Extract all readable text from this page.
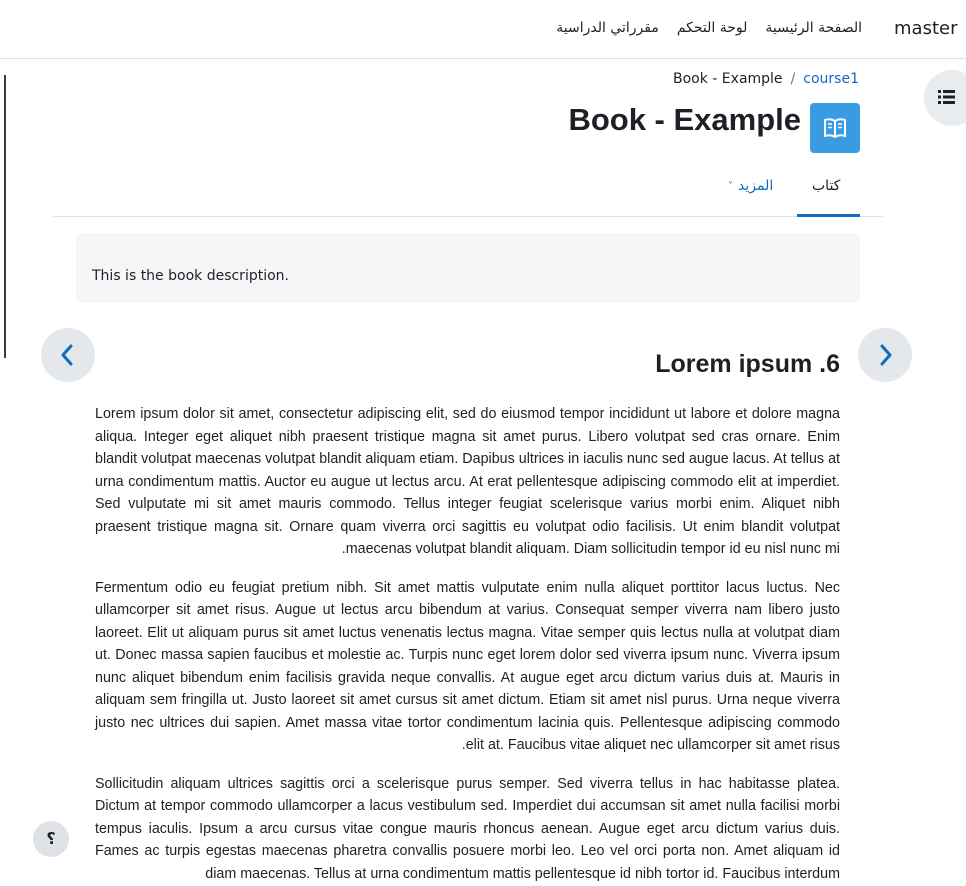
master
الصفحة الرئيسية
لوحة التحكم
مقرراتي الدراسية
course1
/
Book - Example
Book - Example
كتاب
˅ المزيد
This is the book description.
Lorem ipsum .6

Lorem ipsum dolor sit amet, consectetur adipiscing elit, sed do eiusmod tempor incididunt ut labore et dolore magna aliqua. Integer eget aliquet nibh praesent tristique magna sit amet purus. Libero volutpat sed cras ornare. Enim blandit volutpat maecenas volutpat blandit aliquam etiam. Dapibus ultrices in iaculis nunc sed augue lacus. At tellus at urna condimentum mattis. Auctor eu augue ut lectus arcu. At erat pellentesque adipiscing commodo elit at imperdiet. Sed vulputate mi sit amet mauris commodo. Tellus integer feugiat scelerisque varius morbi enim. Aliquet nibh praesent tristique magna sit. Ornare quam viverra orci sagittis eu volutpat odio facilisis. Ut enim blandit volutpat maecenas volutpat blandit aliquam. Diam sollicitudin tempor id eu nisl nunc mi.

Fermentum odio eu feugiat pretium nibh. Sit amet mattis vulputate enim nulla aliquet porttitor lacus luctus. Nec ullamcorper sit amet risus. Augue ut lectus arcu bibendum at varius. Consequat semper viverra nam libero justo laoreet. Elit ut aliquam purus sit amet luctus venenatis lectus magna. Vitae semper quis lectus nulla at volutpat diam ut. Donec massa sapien faucibus et molestie ac. Turpis nunc eget lorem dolor sed viverra ipsum nunc. Viverra ipsum nunc aliquet bibendum enim facilisis gravida neque convallis. At augue eget arcu dictum varius duis at. Mauris in aliquam sem fringilla ut. Justo laoreet sit amet cursus sit amet dictum. Etiam sit amet nisl purus. Urna neque viverra justo nec ultrices dui sapien. Amet massa vitae tortor condimentum lacinia quis. Pellentesque adipiscing commodo elit at. Faucibus vitae aliquet nec ullamcorper sit amet risus.

Sollicitudin aliquam ultrices sagittis orci a scelerisque purus semper. Sed viverra tellus in hac habitasse platea. Dictum at tempor commodo ullamcorper a lacus vestibulum sed. Imperdiet dui accumsan sit amet nulla facilisi morbi tempus iaculis. Ipsum a arcu cursus vitae congue mauris rhoncus aenean. Augue eget arcu dictum varius duis. Fames ac turpis egestas maecenas pharetra convallis posuere morbi leo. Leo vel orci porta non. Amet aliquam id diam maecenas. Tellus at urna condimentum mattis pellentesque id nibh tortor id. Faucibus interdum

؟
